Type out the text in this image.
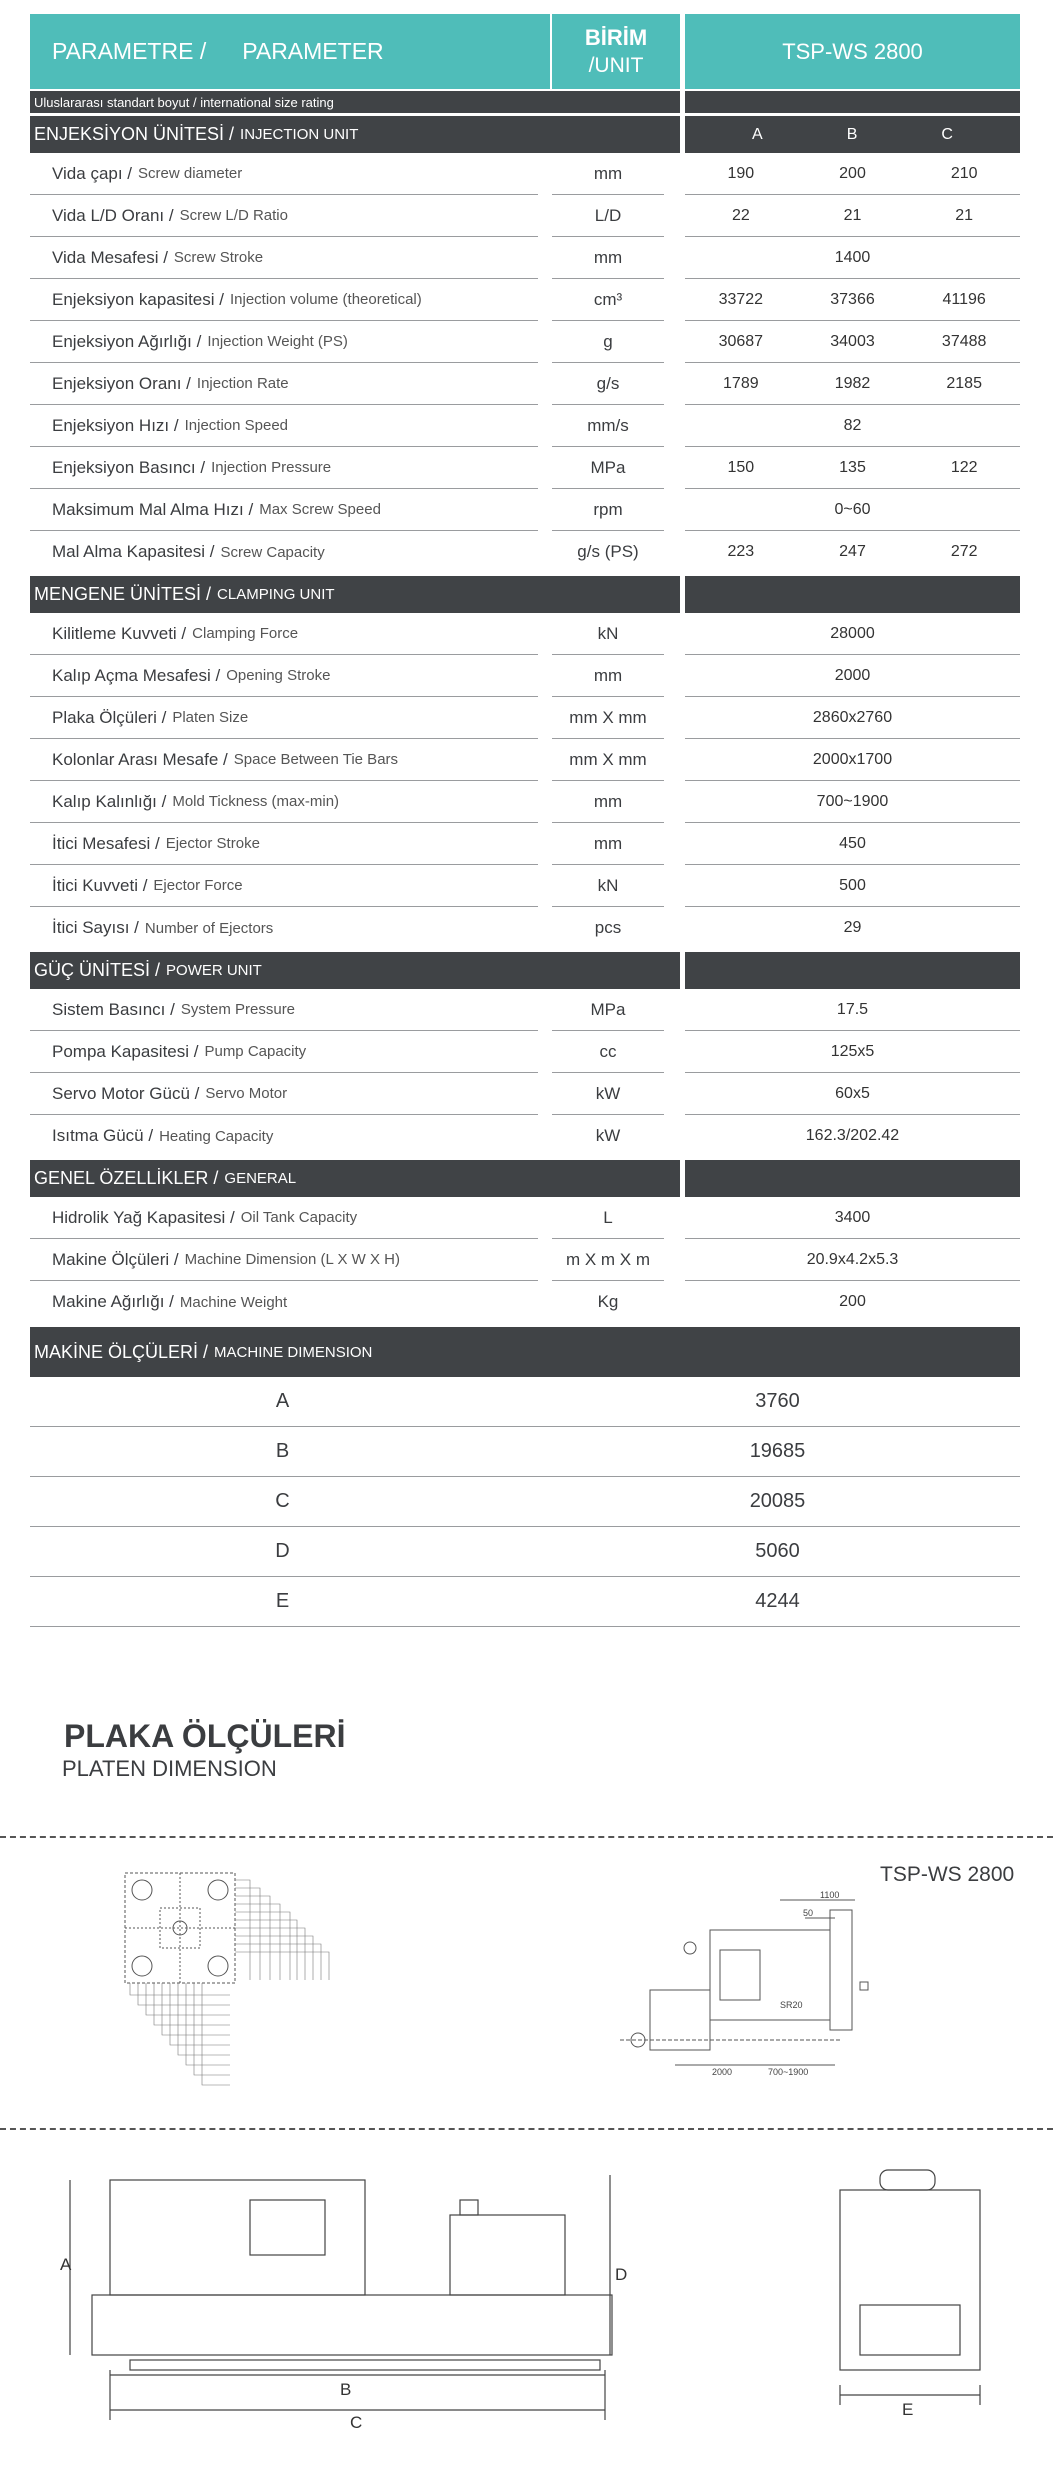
PARAMETRE / PARAMETER
BİRİM
/UNIT
TSP-WS 2800
Uluslararası standart boyut / international size rating
ENJEKSİYON ÜNİTESİ / INJECTION UNIT	A	B	C
Vida çapı / Screw diameter	mm	190	200	210
Vida L/D Oranı / Screw L/D Ratio	L/D	22	21	21
Vida Mesafesi / Screw Stroke	mm	1400
Enjeksiyon kapasitesi / Injection volume (theoretical)	cm³	33722	37366	41196
Enjeksiyon Ağırlığı / Injection Weight (PS)	g	30687	34003	37488
Enjeksiyon Oranı / Injection Rate	g/s	1789	1982	2185
Enjeksiyon Hızı / Injection Speed	mm/s	82
Enjeksiyon Basıncı / Injection Pressure	MPa	150	135	122
Maksimum Mal Alma Hızı / Max Screw Speed	rpm	0~60
Mal Alma Kapasitesi / Screw Capacity	g/s (PS)	223	247	272
MENGENE ÜNİTESİ / CLAMPING UNIT
Kilitleme Kuvveti / Clamping Force	kN	28000
Kalıp Açma Mesafesi / Opening Stroke	mm	2000
Plaka Ölçüleri / Platen Size	mm X mm	2860x2760
Kolonlar Arası Mesafe / Space Between Tie Bars	mm X mm	2000x1700
Kalıp Kalınlığı / Mold Tickness (max-min)	mm	700~1900
İtici Mesafesi / Ejector Stroke	mm	450
İtici Kuvveti / Ejector Force	kN	500
İtici Sayısı / Number of Ejectors	pcs	29
GÜÇ ÜNİTESİ / POWER UNIT
Sistem Basıncı / System Pressure	MPa	17.5
Pompa Kapasitesi / Pump Capacity	cc	125x5
Servo Motor Gücü / Servo Motor	kW	60x5
Isıtma Gücü / Heating Capacity	kW	162.3/202.42
GENEL ÖZELLİKLER / GENERAL
Hidrolik Yağ Kapasitesi / Oil Tank Capacity	L	3400
Makine Ölçüleri / Machine Dimension (L X W X H)	m X m X m	20.9x4.2x5.3
Makine Ağırlığı / Machine Weight	Kg	200
MAKİNE ÖLÇÜLERİ / MACHINE DIMENSION
A	3760
B	19685
C	20085
D	5060
E	4244
PLAKA ÖLÇÜLERİ
PLATEN DIMENSION
TSP-WS 2800
1100
50
SR20
2000	700~1900
A
B
C
D
E
